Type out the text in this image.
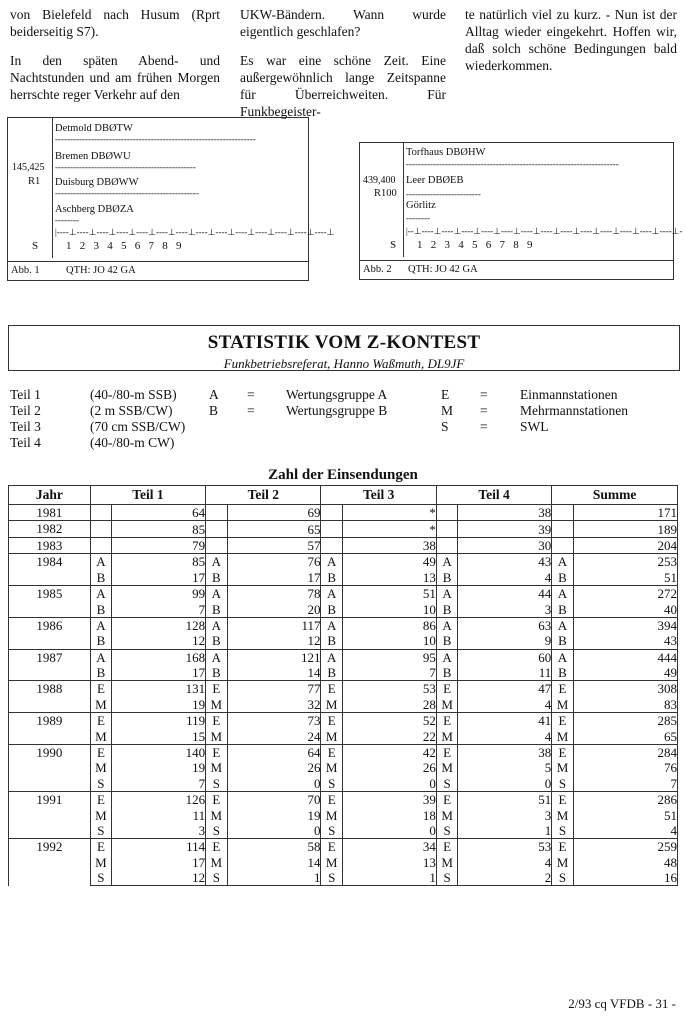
von Bielefeld nach Husum (Rprt beiderseitig S7).

In den späten Abend- und Nachtstunden und am frühen Morgen herrschte reger Verkehr auf den

UKW-Bändern. Wann wurde eigentlich geschlafen?

Es war eine schöne Zeit. Eine außergewöhnlich lange Zeitspanne für Überreichweiten. Für Funkbegeister-

te natürlich viel zu kurz. - Nun ist der Alltag wieder eingekehrt. Hoffen wir, daß solch schöne Bedingungen bald wiederkommen.

Detmold DBØTW
-------------------------------------------------------------------
Bremen DBØWU
-----------------------------------------------
145,425
R1 Duisburg DBØWW
------------------------------------------------
Aschberg DBØZA
--------
|----⊥----⊥----⊥----⊥----⊥----⊥----⊥----⊥----⊥----⊥----⊥----⊥----⊥----⊥
S	1   2   3   4   5   6   7   8   9
Abb. 1	QTH: JO 42 GA
Torfhaus DBØHW
-----------------------------------------------------------------------
439,400 Leer DBØEB
R100 -------------------------
Görlitz
--------
|--⊥----⊥----⊥----⊥----⊥----⊥----⊥----⊥----⊥----⊥----⊥----⊥----⊥----⊥-
S 1   2   3   4   5   6   7   8   9
Abb. 2 QTH: JO 42 GA
STATISTIK VOM Z-KONTEST
Funkbetriebsreferat, Hanno Waßmuth, DL9JF
Teil 1	(40-/80-m SSB)
Teil 2	(2 m SSB/CW)
Teil 3	(70 cm SSB/CW)
Teil 4	(40-/80-m CW)
A = Wertungsgruppe A
B = Wertungsgruppe B
E = Einmannstationen
M = Mehrmannstationen
S = SWL
Zahl der Einsendungen
Jahr	Teil 1		Teil 2		Teil 3		Teil 4		Summe	
1981		64		69		*		38		171
1982		85		65		*		39		189
1983		79		57		38		30		204
1984	A	85	A	76	A	49	A	43	A	253
	B	17	B	17	B	13	B	4	B	51
1985	A	99	A	78	A	51	A	44	A	272
	B	7	B	20	B	10	B	3	B	40
1986	A	128	A	117	A	86	A	63	A	394
	B	12	B	12	B	10	B	9	B	43
1987	A	168	A	121	A	95	A	60	A	444
	B	17	B	14	B	7	B	11	B	49
1988	E	131	E	77	E	53	E	47	E	308
	M	19	M	32	M	28	M	4	M	83
1989	E	119	E	73	E	52	E	41	E	285
	M	15	M	24	M	22	M	4	M	65
1990	E	140	E	64	E	42	E	38	E	284
	M	19	M	26	M	26	M	5	M	76
	S	7	S	0	S	0	S	0	S	7
1991	E	126	E	70	E	39	E	51	E	286
	M	11	M	19	M	18	M	3	M	51
	S	3	S	0	S	0	S	1	S	4
1992	E	114	E	58	E	34	E	53	E	259
	M	17	M	14	M	13	M	4	M	48
	S	12	S	1	S	1	S	2	S	16
2/93 cq VFDB - 31 -
